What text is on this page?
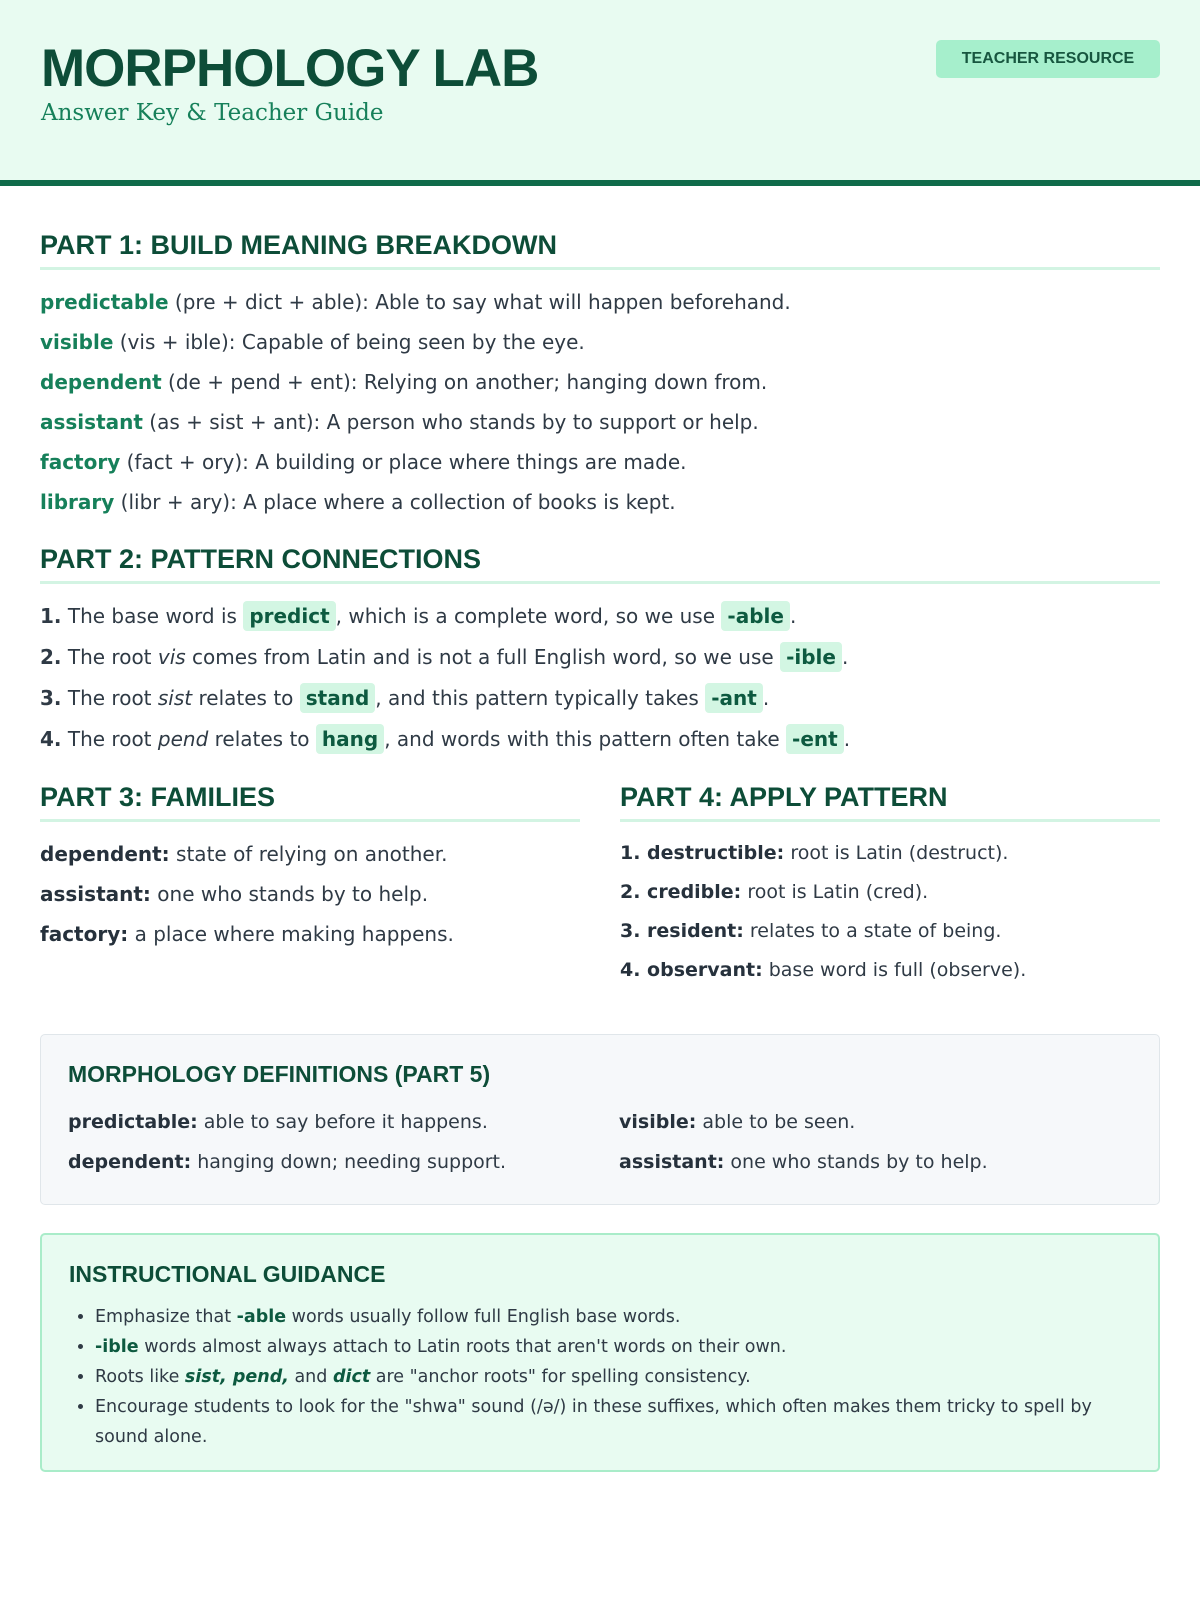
MORPHOLOGY LAB
Answer Key & Teacher Guide
TEACHER RESOURCE
PART 1: BUILD MEANING BREAKDOWN
predictable (pre + dict + able): Able to say what will happen beforehand.
visible (vis + ible): Capable of being seen by the eye.
dependent (de + pend + ent): Relying on another; hanging down from.
assistant (as + sist + ant): A person who stands by to support or help.
factory (fact + ory): A building or place where things are made.
library (libr + ary): A place where a collection of books is kept.
PART 2: PATTERN CONNECTIONS
1. The base word is predict , which is a complete word, so we use -able .
2. The root vis comes from Latin and is not a full English word, so we use -ible .
3. The root sist relates to stand , and this pattern typically takes -ant .
4. The root pend relates to hang , and words with this pattern often take -ent .
PART 3: FAMILIES
dependent: state of relying on another.
assistant: one who stands by to help.
factory: a place where making happens.
PART 4: APPLY PATTERN
1. destructible: root is Latin (destruct).
2. credible: root is Latin (cred).
3. resident: relates to a state of being.
4. observant: base word is full (observe).
MORPHOLOGY DEFINITIONS (PART 5)
predictable: able to say before it happens.	visible: able to be seen.
dependent: hanging down; needing support.	assistant: one who stands by to help.
INSTRUCTIONAL GUIDANCE
• Emphasize that -able words usually follow full English base words.
• -ible words almost always attach to Latin roots that aren't words on their own.
• Roots like sist, pend, and dict are "anchor roots" for spelling consistency.
• Encourage students to look for the "shwa" sound (/ə/) in these suffixes, which often makes them tricky to spell by sound alone.
